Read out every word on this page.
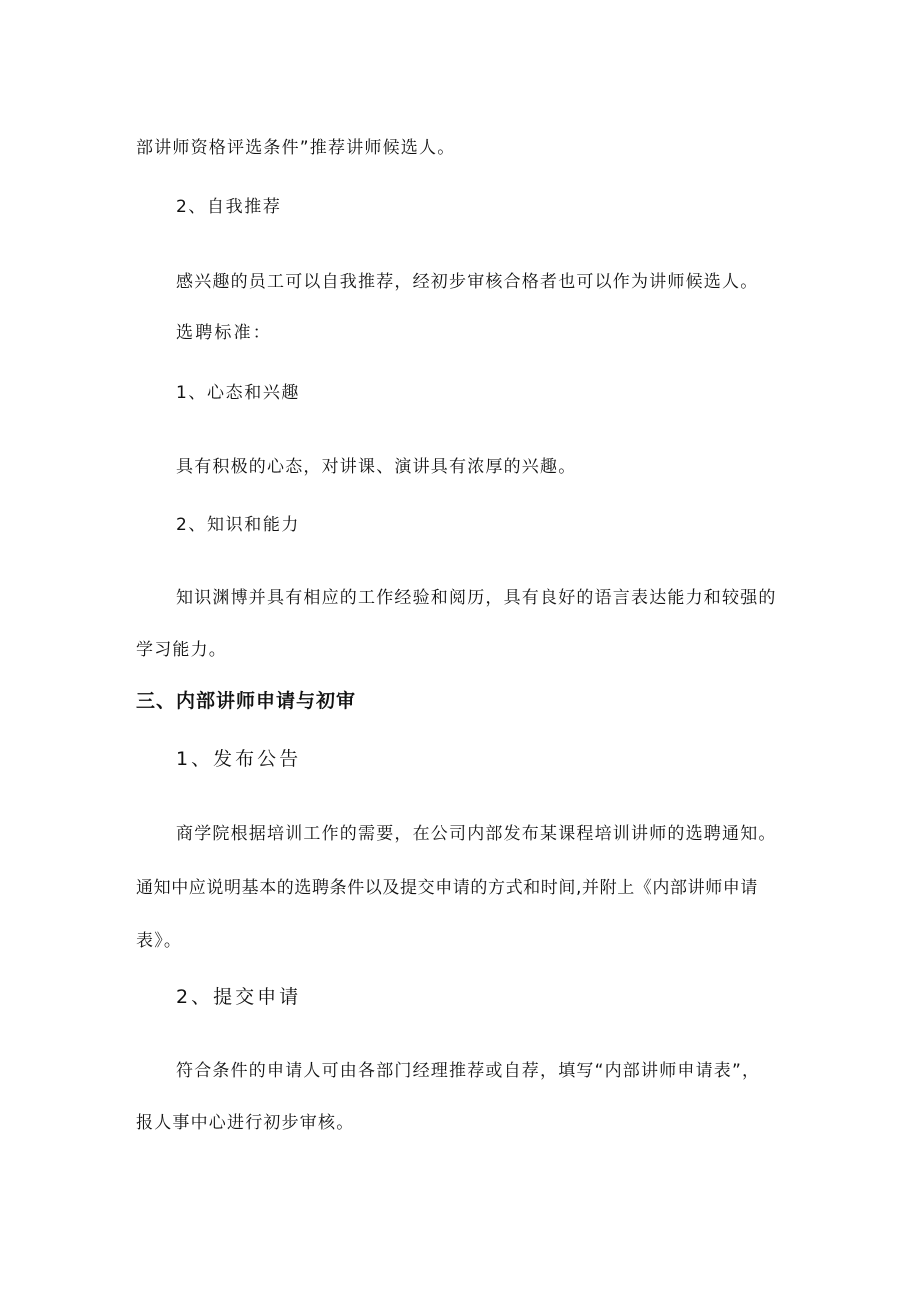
部讲师资格评选条件”推荐讲师候选人。
2、自我推荐
感兴趣的员工可以自我推荐，经初步审核合格者也可以作为讲师候选人。
选聘标准：
1、心态和兴趣
具有积极的心态，对讲课、演讲具有浓厚的兴趣。
2、知识和能力
知识渊博并具有相应的工作经验和阅历，具有良好的语言表达能力和较强的
学习能力。
三、内部讲师申请与初审
1、发布公告
商学院根据培训工作的需要，在公司内部发布某课程培训讲师的选聘通知。
通知中应说明基本的选聘条件以及提交申请的方式和时间,并附上《内部讲师申请
表》。
2、提交申请
符合条件的申请人可由各部门经理推荐或自荐，填写“内部讲师申请表”，
报人事中心进行初步审核。
